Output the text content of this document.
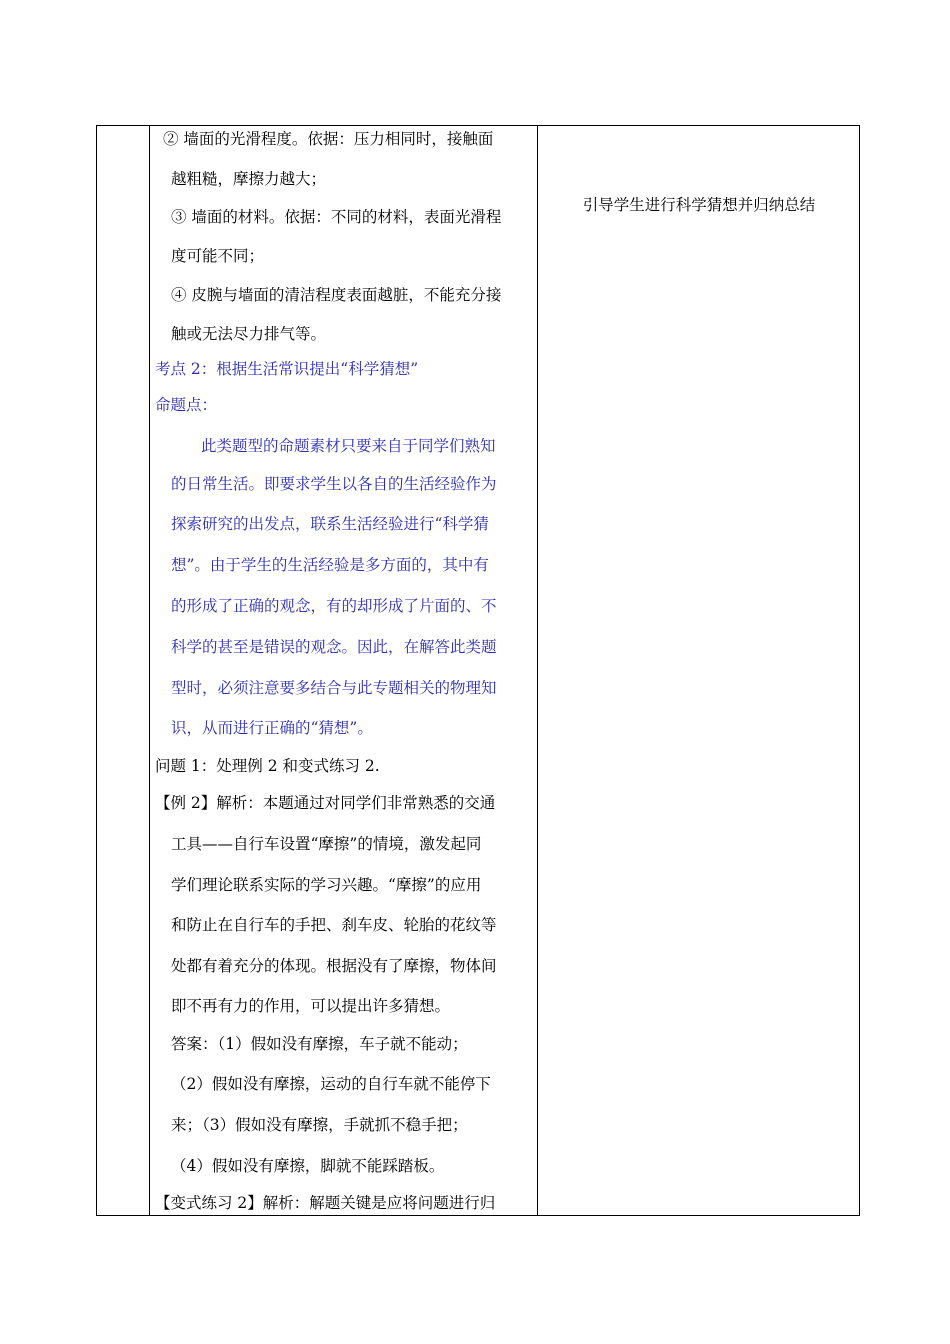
② 墙面的光滑程度。依据：压力相同时，接触面
越粗糙，摩擦力越大；
③ 墙面的材料。依据：不同的材料，表面光滑程
度可能不同；
④ 皮腕与墙面的清洁程度表面越脏，不能充分接
触或无法尽力排气等。
考点 2：根据生活常识提出“科学猜想”
命题点：
此类题型的命题素材只要来自于同学们熟知
的日常生活。即要求学生以各自的生活经验作为
探索研究的出发点，联系生活经验进行“科学猜
想”。由于学生的生活经验是多方面的，其中有
的形成了正确的观念，有的却形成了片面的、不
科学的甚至是错误的观念。因此，在解答此类题
型时，必须注意要多结合与此专题相关的物理知
识，从而进行正确的“猜想”。
问题 1：处理例 2 和变式练习 2.
【例 2】解析：本题通过对同学们非常熟悉的交通
工具——自行车设置“摩擦”的情境，激发起同
学们理论联系实际的学习兴趣。“摩擦”的应用
和防止在自行车的手把、刹车皮、轮胎的花纹等
处都有着充分的体现。根据没有了摩擦，物体间
即不再有力的作用，可以提出许多猜想。
答案：（1）假如没有摩擦，车子就不能动；
（2）假如没有摩擦，运动的自行车就不能停下
来；（3）假如没有摩擦，手就抓不稳手把；
（4）假如没有摩擦，脚就不能踩踏板。
【变式练习 2】解析：解题关键是应将问题进行归
引导学生进行科学猜想并归纳总结
